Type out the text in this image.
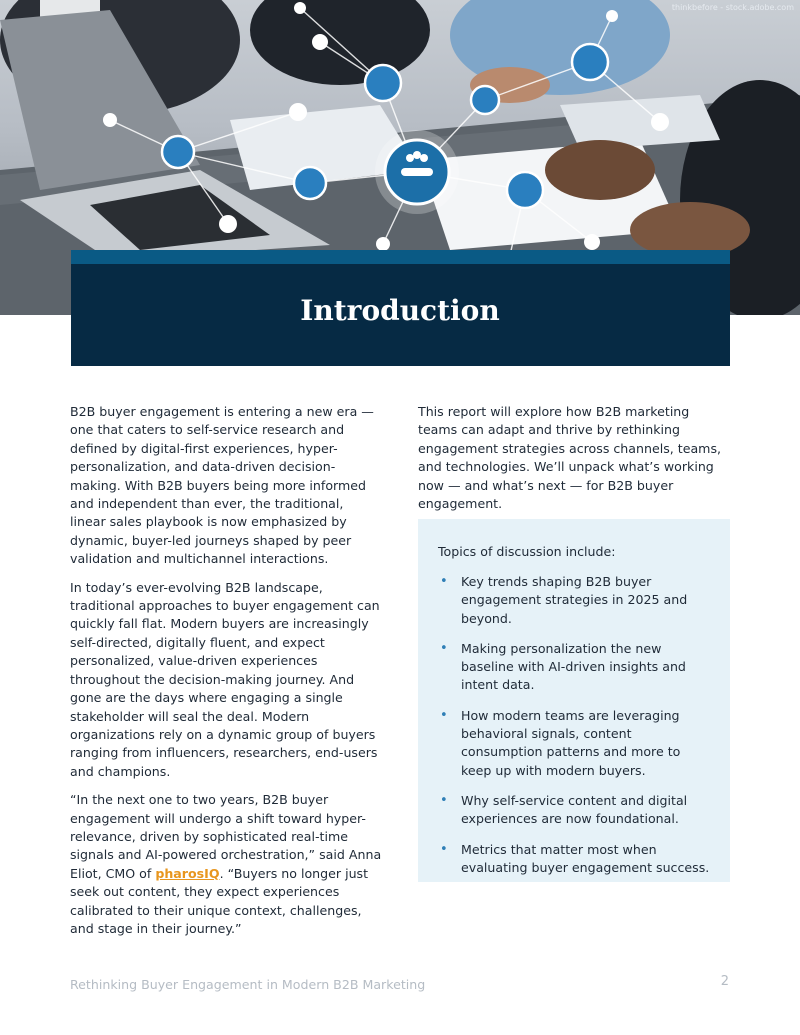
thinkbefore - stock.adobe.com
Introduction

B2B buyer engagement is entering a new era — one that caters to self-service research and defined by digital-first experiences, hyper-personalization, and data-driven decision-making. With B2B buyers being more informed and independent than ever, the traditional, linear sales playbook is now emphasized by dynamic, buyer-led journeys shaped by peer validation and multichannel interactions.

In today’s ever-evolving B2B landscape, traditional approaches to buyer engagement can quickly fall flat. Modern buyers are increasingly self-directed, digitally fluent, and expect personalized, value-driven experiences throughout the decision-making journey. And gone are the days where engaging a single stakeholder will seal the deal. Modern organizations rely on a dynamic group of buyers ranging from influencers, researchers, end-users and champions.

“In the next one to two years, B2B buyer engagement will undergo a shift toward hyper-relevance, driven by sophisticated real-time signals and AI-powered orchestration,” said Anna Eliot, CMO of pharosIQ. “Buyers no longer just seek out content, they expect experiences calibrated to their unique context, challenges, and stage in their journey.”

This report will explore how B2B marketing teams can adapt and thrive by rethinking engagement strategies across channels, teams, and technologies. We’ll unpack what’s working now — and what’s next — for B2B buyer engagement.

Topics of discussion include:
• Key trends shaping B2B buyer engagement strategies in 2025 and beyond.
• Making personalization the new baseline with AI-driven insights and intent data.
• How modern teams are leveraging behavioral signals, content consumption patterns and more to keep up with modern buyers.
• Why self-service content and digital experiences are now foundational.
• Metrics that matter most when evaluating buyer engagement success.
Rethinking Buyer Engagement in Modern B2B Marketing	2
